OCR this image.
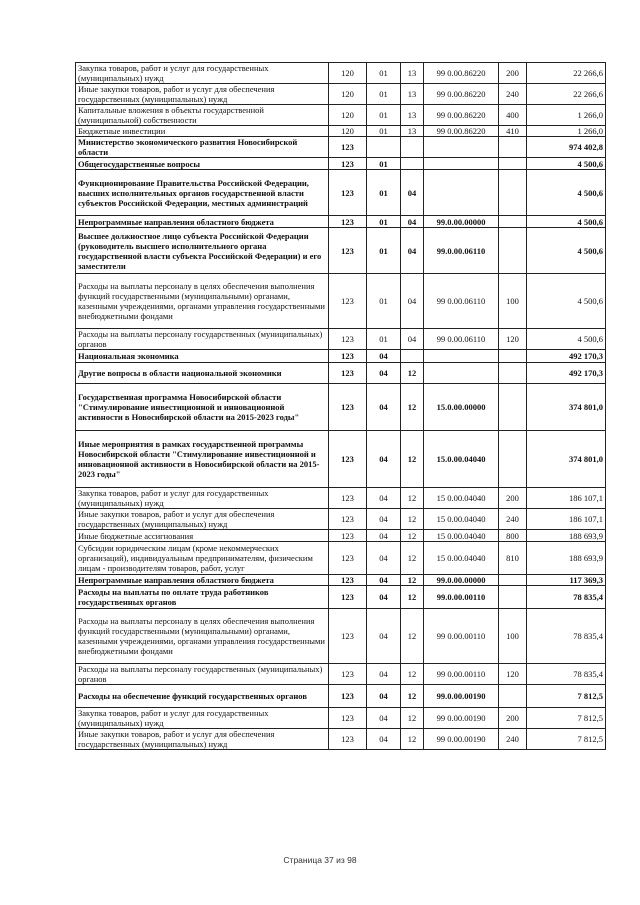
Закупка товаров, работ и услуг для государственных (муниципальных) нужд	120	01	13	99 0.00.86220	200	22 266,6
Иные закупки товаров, работ и услуг для обеспечения государственных (муниципальных) нужд	120	01	13	99 0.00.86220	240	22 266,6
Капитальные вложения в объекты государственной (муниципальной) собственности	120	01	13	99 0.00.86220	400	1 266,0
Бюджетные инвестиции	120	01	13	99 0.00.86220	410	1 266,0
Министерство экономического развития Новосибирской области	123					974 402,8
Общегосударственные вопросы	123	01				4 500,6
Функционирование Правительства Российской Федерации, высших исполнительных органов государственной власти субъектов Российской Федерации, местных администраций	123	01	04			4 500,6
Непрограммные направления областного бюджета	123	01	04	99.0.00.00000		4 500,6
Высшее должностное лицо субъекта Российской Федерации (руководитель высшего исполнительного органа государственной власти субъекта Российской Федерации) и его заместители	123	01	04	99.0.00.06110		4 500,6
Расходы на выплаты персоналу в целях обеспечения выполнения функций государственными (муниципальными) органами, казенными учреждениями, органами управления государственными внебюджетными фондами	123	01	04	99 0.00.06110	100	4 500,6
Расходы на выплаты персоналу государственных (муниципальных) органов	123	01	04	99 0.00.06110	120	4 500,6
Национальная экономика	123	04				492 170,3
Другие вопросы в области национальной экономики	123	04	12			492 170,3
Государственная программа Новосибирской области "Стимулирование инвестиционной и инновационной активности в Новосибирской области на 2015-2023 годы"	123	04	12	15.0.00.00000		374 801,0
Иные мероприятия в рамках государственной программы Новосибирской области "Стимулирование инвестиционной и инновационной активности в Новосибирской области на 2015-2023 годы"	123	04	12	15.0.00.04040		374 801,0
Закупка товаров, работ и услуг для государственных (муниципальных) нужд	123	04	12	15 0.00.04040	200	186 107,1
Иные закупки товаров, работ и услуг для обеспечения государственных (муниципальных) нужд	123	04	12	15 0.00.04040	240	186 107,1
Иные бюджетные ассигнования	123	04	12	15 0.00.04040	800	188 693,9
Субсидии юридическим лицам (кроме некоммерческих организаций), индивидуальным предпринимателям, физическим лицам - производителям товаров, работ, услуг	123	04	12	15 0.00.04040	810	188 693,9
Непрограммные направления областного бюджета	123	04	12	99.0.00.00000		117 369,3
Расходы на выплаты по оплате труда работников государственных органов	123	04	12	99.0.00.00110		78 835,4
Расходы на выплаты персоналу в целях обеспечения выполнения функций государственными (муниципальными) органами, казенными учреждениями, органами управления государственными внебюджетными фондами	123	04	12	99 0.00.00110	100	78 835,4
Расходы на выплаты персоналу государственных (муниципальных) органов	123	04	12	99 0.00.00110	120	78 835,4
Расходы на обеспечение функций государственных органов	123	04	12	99.0.00.00190		7 812,5
Закупка товаров, работ и услуг для государственных (муниципальных) нужд	123	04	12	99 0.00.00190	200	7 812,5
Иные закупки товаров, работ и услуг для обеспечения государственных (муниципальных) нужд	123	04	12	99 0.00.00190	240	7 812,5
Страница 37 из 98
